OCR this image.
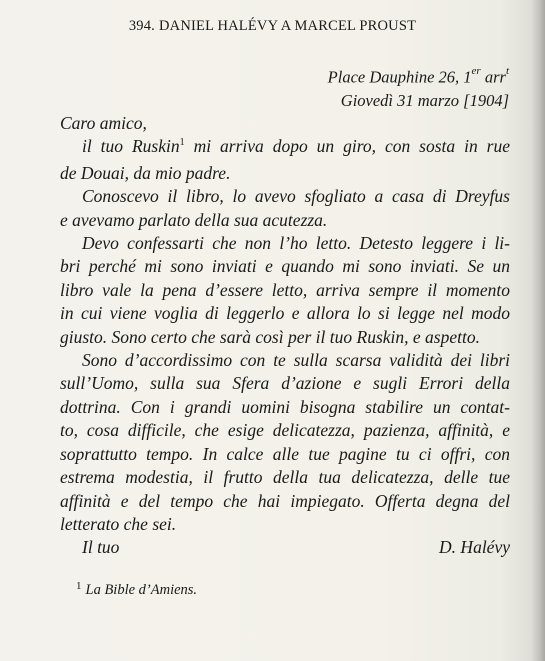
394. DANIEL HALÉVY A MARCEL PROUST
Place Dauphine 26, 1er arr$^t$
Giovedì 31 marzo [1904]
Caro amico,
il tuo Ruskin$^1$ mi arriva dopo un giro, con sosta in rue
de Douai, da mio padre.
Conoscevo il libro, lo avevo sfogliato a casa di Dreyfus
e avevamo parlato della sua acutezza.
Devo confessarti che non l’ho letto. Detesto leggere i li-
bri perché mi sono inviati e quando mi sono inviati. Se un
libro vale la pena d’essere letto, arriva sempre il momento
in cui viene voglia di leggerlo e allora lo si legge nel modo
giusto. Sono certo che sarà così per il tuo Ruskin, e aspetto.
Sono d’accordissimo con te sulla scarsa validità dei libri
sull’Uomo, sulla sua Sfera d’azione e sugli Errori della
dottrina. Con i grandi uomini bisogna stabilire un contat-
to, cosa difficile, che esige delicatezza, pazienza, affinità, e
soprattutto tempo. In calce alle tue pagine tu ci offri, con
estrema modestia, il frutto della tua delicatezza, delle tue
affinità e del tempo che hai impiegato. Offerta degna del
letterato che sei.
Il tuo	D. Halévy
$^1$ La Bible d’Amiens.
